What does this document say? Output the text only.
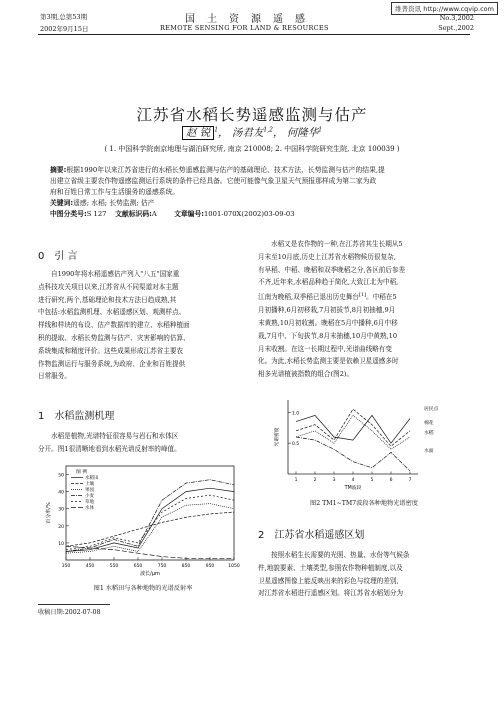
维普资讯 http://www.cqvip.com
第3期,总第53期
2002年9月15日
国土资源遥感
REMOTE SENSING FOR LAND & RESOURCES
No.3,2002
Sept.,2002
江苏省水稻长势遥感监测与估产
赵 锐 $^1$， 汤君友$^{1,2}$， 何隆华$^1$
( 1. 中国科学院南京地理与湖泊研究所, 南京 210008; 2. 中国科学院研究生院, 北京 100039 )
摘要:根据1990年以来江苏省进行的水稻长势遥感监测与估产的基础理论、技术方法、长势监测与估产的结果,提
出建立省级主要农作物遥感监测运行系统的条件已经具备。它使可能像气象卫星天气预报那样成为第二家为政
府和百姓日常工作与生活服务的遥感系统。
关键词:遥感; 水稻; 长势监测; 估产
中图分类号:S 127 文献标识码:A	文章编号:1001-070X(2002)03-09-03
0 引 言
自1990年将水稻遥感估产列入"八五"国家重
点科技攻关项目以来,江苏省从不同渠道对本主题
进行研究,两个,基础理论和技术方法日趋成熟,其
中包括:水稻监测机理、水稻遥感区划、观测样点、
样线和样块的布设、估产数据库的建立、水稻种植面
积的提取、水稻长势监测与估产、灾害影响的估算、
系统集成和精度评价。这些成果形成江苏省主要农
作物监测运行与服务系统,为政府、企业和百姓提供
日常服务。
1 水稻监测机理
水稻是植物,光谱特征很容易与岩石和水体区
分开。图1很清晰地看到水稻光谱反射率的峰值。
50
40
30
20
10
350	450	550	650	750	850	950	1050
百分率/%
波长/μm
图 例
水稻田
土壤
果园
小麦
草地
水体
图1 水稻田与各种地物的光谱反射率
收稿日期:2002-07-08
水稻又是农作物的一种,在江苏省其生长期从5
月末至10月底,历史上江苏省水稻物候历很复杂,
有早稻、中稻、晚稻和双季晚稻之分,各区前后参差
不齐,近年来,水稻品种趋于简化,大致江北为中稻,
江南为晚稻,双季稻已退出历史舞台[1]。中稻在5
月初播种,6月初移栽,7月初拔节,8月初抽穗,9月
末黄熟,10月初收割。晚稻在5月中播种,6月中移
栽,7月中、下旬拔节,8月末抽穗,10月中黄熟,10
月末收割。在这一长期过程中,光谱曲线略有变
化。为此,水稻长势监测主要是依赖卫星遥感多时
相多光谱植被指数的组合(图2)。
1.0
0.5
1	2	3	4	5	6	7
光谱密度
TM波段
居民点
棉花
水稻
水面
图2 TM1~TM7波段各种地物光谱密度
2 江苏省水稻遥感区划
按照水稻生长需要的光照、热量、水份等气候条
件,地貌要素、土壤类型,参照农作物种植制度,以及
卫星遥感图像上能反映出来的彩色与纹理的差别,
对江苏省水稻进行遥感区划。将江苏省水稻划分为
